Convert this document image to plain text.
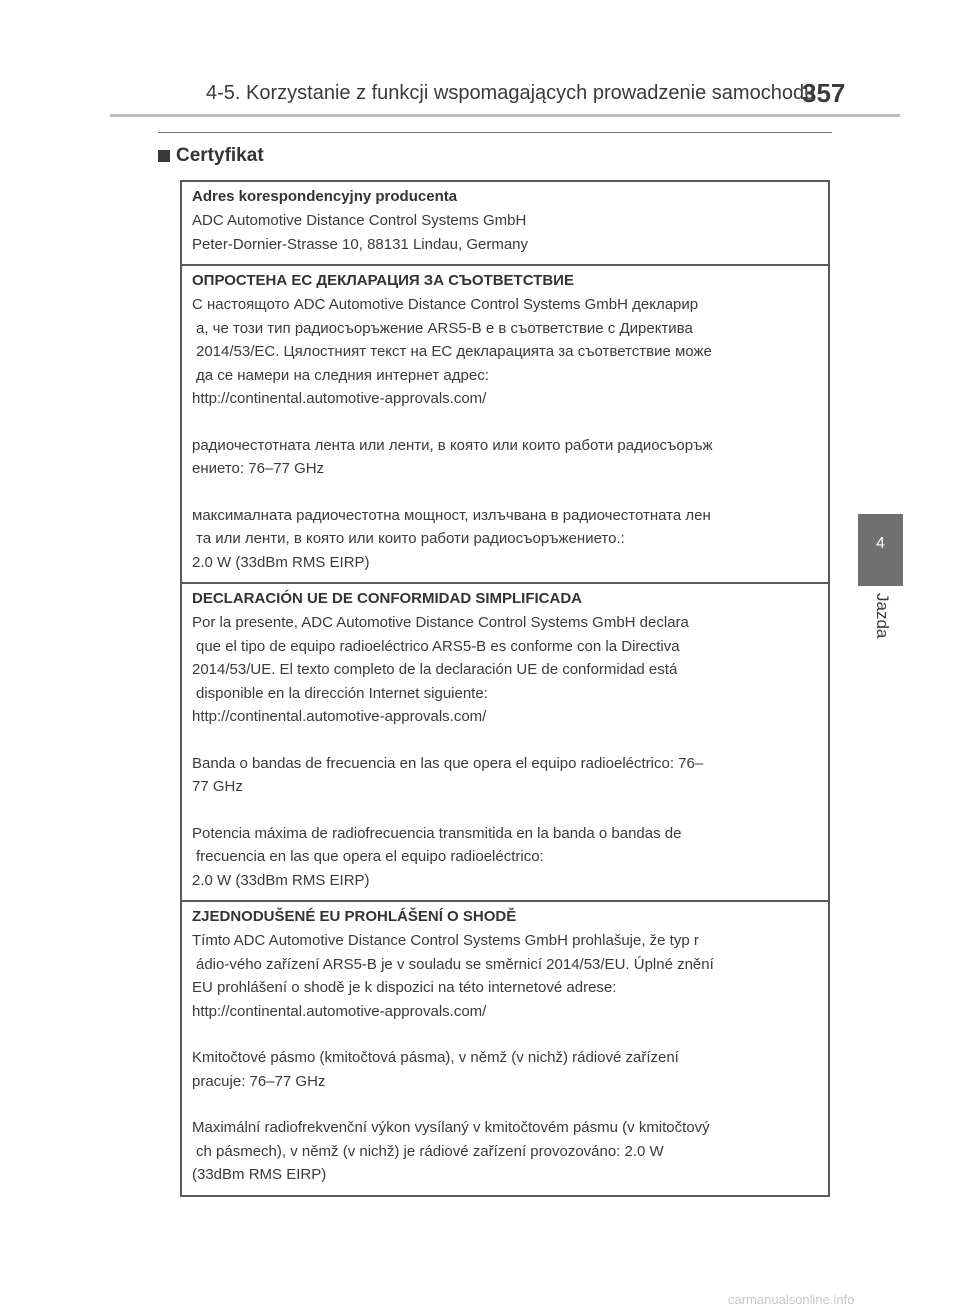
4-5. Korzystanie z funkcji wspomagających prowadzenie samochodu
357
Certyfikat
4
Jazda
Adres korespondencyjny producenta
ADC Automotive Distance Control Systems GmbH
Peter-Dornier-Strasse 10, 88131 Lindau, Germany
ОПРОСТЕНА ЕС ДЕКЛАРАЦИЯ ЗА СЪОТВЕТСТВИЕ
С настоящото ADC Automotive Distance Control Systems GmbH декларир
а, че този тип радиосъоръжение ARS5-B е в съответствие с Директива
2014/53/ЕС. Цялостният текст на ЕС декларацията за съответствие може
да се намери на следния интернет адрес:
http://continental.automotive-approvals.com/
радиочестотната лента или ленти, в която или които работи радиосъоръж
ението: 76–77 GHz
максималната радиочестотна мощност, излъчвана в радиочестотната лен
та или ленти, в която или които работи радиосъоръжението.:
2.0 W (33dBm RMS EIRP)
DECLARACIÓN UE DE CONFORMIDAD SIMPLIFICADA
Por la presente, ADC Automotive Distance Control Systems GmbH declara
que el tipo de equipo radioeléctrico ARS5-B es conforme con la Directiva
2014/53/UE. El texto completo de la declaración UE de conformidad está
disponible en la dirección Internet siguiente:
http://continental.automotive-approvals.com/
Banda o bandas de frecuencia en las que opera el equipo radioeléctrico: 76–
77 GHz
Potencia máxima de radiofrecuencia transmitida en la banda o bandas de
frecuencia en las que opera el equipo radioeléctrico:
2.0 W (33dBm RMS EIRP)
ZJEDNODUŠENÉ EU PROHLÁŠENÍ O SHODĚ
Tímto ADC Automotive Distance Control Systems GmbH prohlašuje, že typ r
ádio-vého zařízení ARS5-B je v souladu se směrnicí 2014/53/EU. Úplné znění
EU prohlášení o shodě je k dispozici na této internetové adrese:
http://continental.automotive-approvals.com/
Kmitočtové pásmo (kmitočtová pásma), v němž (v nichž) rádiové zařízení
pracuje: 76–77 GHz
Maximální radiofrekvenční výkon vysílaný v kmitočtovém pásmu (v kmitočtový
ch pásmech), v němž (v nichž) je rádiové zařízení provozováno: 2.0 W
(33dBm RMS EIRP)
carmanualsonline.info
